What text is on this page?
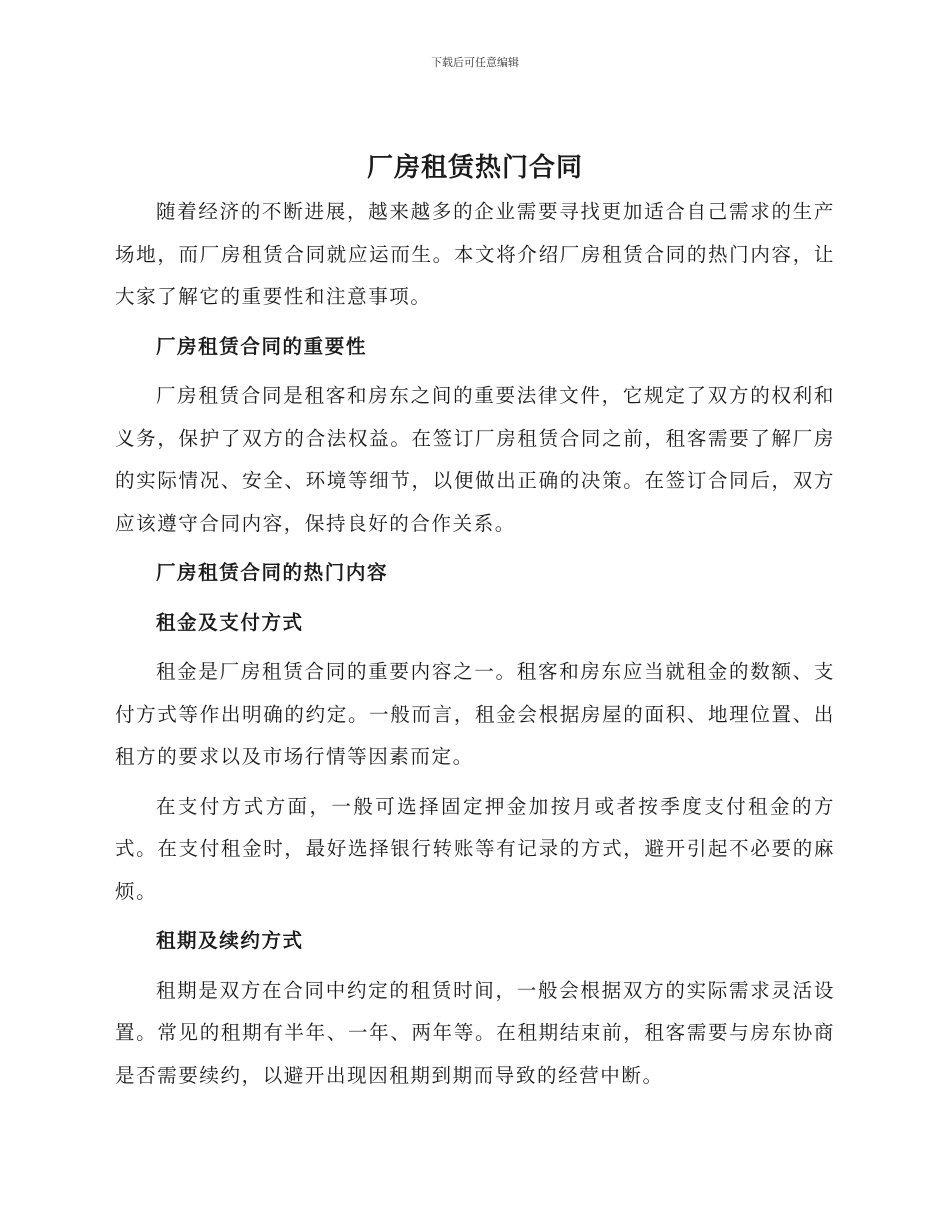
下载后可任意编辑
厂房租赁热门合同

随着经济的不断进展，越来越多的企业需要寻找更加适合自己需求的生产场地，而厂房租赁合同就应运而生。本文将介绍厂房租赁合同的热门内容，让大家了解它的重要性和注意事项。

厂房租赁合同的重要性

厂房租赁合同是租客和房东之间的重要法律文件，它规定了双方的权利和义务，保护了双方的合法权益。在签订厂房租赁合同之前，租客需要了解厂房的实际情况、安全、环境等细节，以便做出正确的决策。在签订合同后，双方应该遵守合同内容，保持良好的合作关系。

厂房租赁合同的热门内容

租金及支付方式

租金是厂房租赁合同的重要内容之一。租客和房东应当就租金的数额、支付方式等作出明确的约定。一般而言，租金会根据房屋的面积、地理位置、出租方的要求以及市场行情等因素而定。

在支付方式方面，一般可选择固定押金加按月或者按季度支付租金的方式。在支付租金时，最好选择银行转账等有记录的方式，避开引起不必要的麻烦。

租期及续约方式

租期是双方在合同中约定的租赁时间，一般会根据双方的实际需求灵活设置。常见的租期有半年、一年、两年等。在租期结束前，租客需要与房东协商是否需要续约，以避开出现因租期到期而导致的经营中断。
